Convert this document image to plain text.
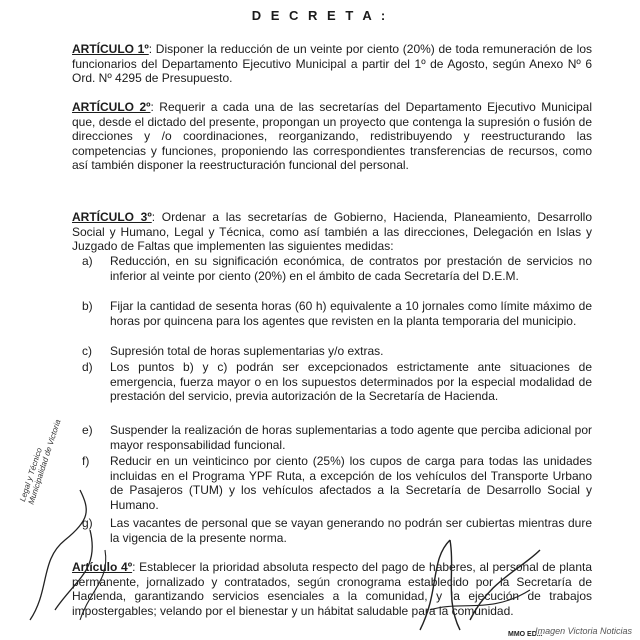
D E C R E T A :
ARTÍCULO 1º: Disponer la reducción de un veinte por ciento (20%) de toda remuneración de los funcionarios del Departamento Ejecutivo Municipal a partir del 1º de Agosto, según Anexo Nº 6 Ord. Nº 4295 de Presupuesto.
ARTÍCULO 2º: Requerir a cada una de las secretarías del Departamento Ejecutivo Municipal que, desde el dictado del presente, propongan un proyecto que contenga la supresión o fusión de direcciones y /o coordinaciones, reorganizando, redistribuyendo y reestructurando las competencias y funciones, proponiendo las correspondientes transferencias de recursos, como así también disponer la reestructuración funcional del personal.
ARTÍCULO 3º: Ordenar a las secretarías de Gobierno, Hacienda, Planeamiento, Desarrollo Social y Humano, Legal y Técnica, como así también a las direcciones, Delegación en Islas y Juzgado de Faltas que implementen las siguientes medidas:
a)	Reducción, en su significación económica, de contratos por prestación de servicios no inferior al veinte por ciento (20%) en el ámbito de cada Secretaría del D.E.M.
b)	Fijar la cantidad de sesenta horas (60 h) equivalente a 10 jornales como límite máximo de horas por quincena para los agentes que revisten en la planta temporaria del municipio.
c)	Supresión total de horas suplementarias y/o extras.
d)	Los puntos b) y c) podrán ser excepcionados estrictamente ante situaciones de emergencia, fuerza mayor o en los supuestos determinados por la especial modalidad de prestación del servicio, previa autorización de la Secretaría de Hacienda.
e)	Suspender la realización de horas suplementarias a todo agente que perciba adicional por mayor responsabilidad funcional.
f)	Reducir en un veinticinco por ciento (25%) los cupos de carga para todas las unidades incluidas en el Programa YPF Ruta, a excepción de los vehículos del Transporte Urbano de Pasajeros (TUM) y los vehículos afectados a la Secretaría de Desarrollo Social y Humano.
g)	Las vacantes de personal que se vayan generando no podrán ser cubiertas mientras dure la vigencia de la presente norma.
Artículo 4º: Establecer la prioridad absoluta respecto del pago de haberes, al personal de planta permanente, jornalizado y contratados, según cronograma establecido por la Secretaría de Hacienda, garantizando servicios esenciales a la comunidad, y la ejecución de trabajos impostergables; velando por el bienestar y un hábitat saludable para la comunidad.
Legal y Técnico Municipalidad de Victoria
MMO ED...
Imagen Victoria Noticias
